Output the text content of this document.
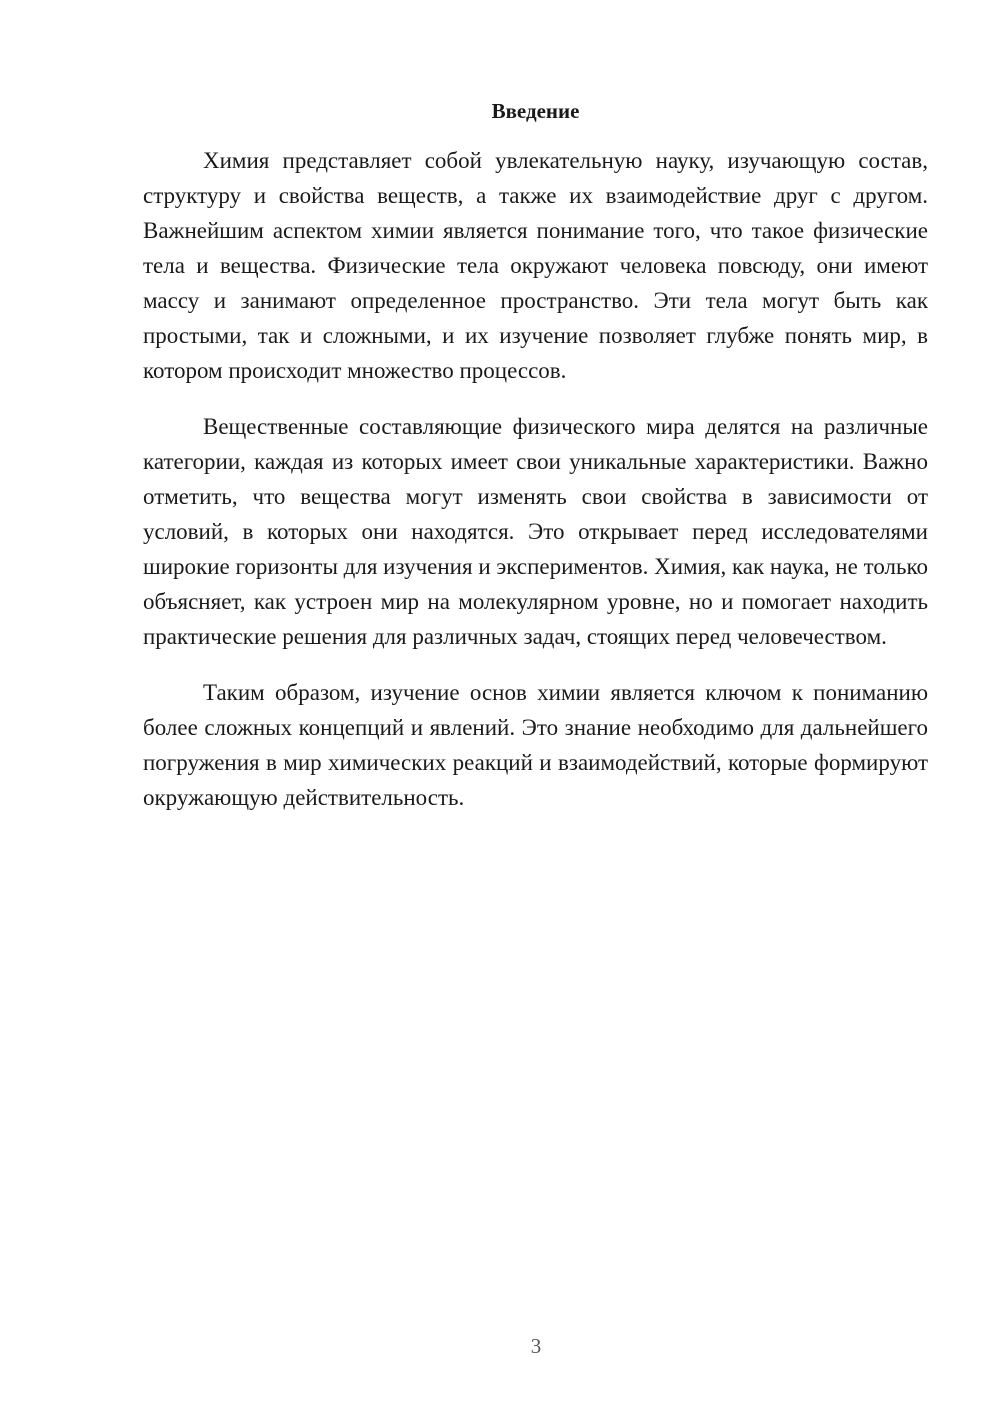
Введение

Химия представляет собой увлекательную науку, изучающую состав, структуру и свойства веществ, а также их взаимодействие друг с другом. Важнейшим аспектом химии является понимание того, что такое физические тела и вещества. Физические тела окружают человека повсюду, они имеют массу и занимают определенное пространство. Эти тела могут быть как простыми, так и сложными, и их изучение позволяет глубже понять мир, в котором происходит множество процессов.

Вещественные составляющие физического мира делятся на различные категории, каждая из которых имеет свои уникальные характеристики. Важно отметить, что вещества могут изменять свои свойства в зависимости от условий, в которых они находятся. Это открывает перед исследователями широкие горизонты для изучения и экспериментов. Химия, как наука, не только объясняет, как устроен мир на молекулярном уровне, но и помогает находить практические решения для различных задач, стоящих перед человечеством.

Таким образом, изучение основ химии является ключом к пониманию более сложных концепций и явлений. Это знание необходимо для дальнейшего погружения в мир химических реакций и взаимодействий, которые формируют окружающую действительность.

3
